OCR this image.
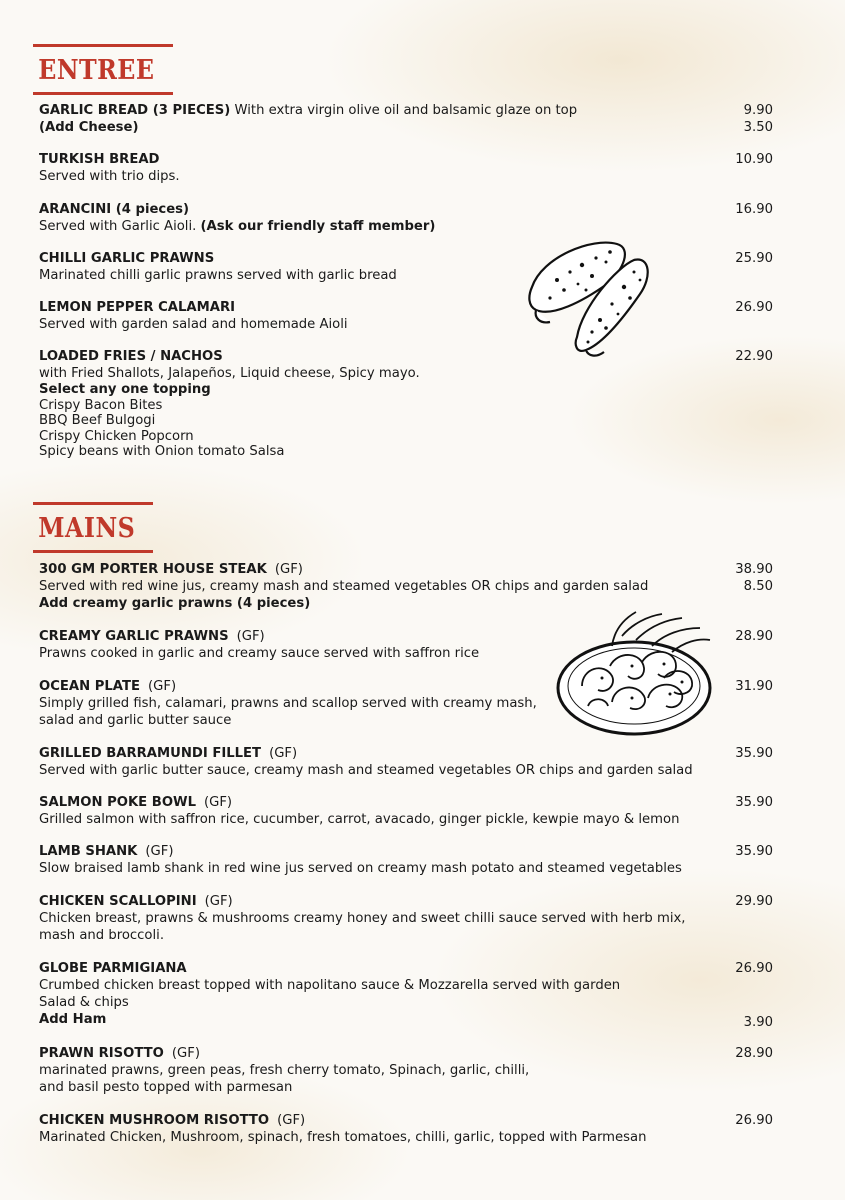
ENTREE
GARLIC BREAD (3 PIECES) With extra virgin olive oil and balsamic glaze on top
(Add Cheese)
9.90
3.50
TURKISH BREAD
Served with trio dips.
10.90
ARANCINI (4 pieces)
Served with Garlic Aioli. (Ask our friendly staff member)
16.90
CHILLI GARLIC PRAWNS
Marinated chilli garlic prawns served with garlic bread
25.90
LEMON PEPPER CALAMARI
Served with garden salad and homemade Aioli
26.90
LOADED FRIES / NACHOS
with Fried Shallots, Jalapeños, Liquid cheese, Spicy mayo.
Select any one topping
Crispy Bacon Bites
BBQ Beef Bulgogi
Crispy Chicken Popcorn
Spicy beans with Onion tomato Salsa
22.90
MAINS
300 GM PORTER HOUSE STEAK (GF)
Served with red wine jus, creamy mash and steamed vegetables OR chips and garden salad
Add creamy garlic prawns (4 pieces)
38.90
8.50
CREAMY GARLIC PRAWNS (GF)
Prawns cooked in garlic and creamy sauce served with saffron rice
28.90
OCEAN PLATE (GF)
Simply grilled fish, calamari, prawns and scallop served with creamy mash,
salad and garlic butter sauce
31.90
GRILLED BARRAMUNDI FILLET (GF)
Served with garlic butter sauce, creamy mash and steamed vegetables OR chips and garden salad
35.90
SALMON POKE BOWL (GF)
Grilled salmon with saffron rice, cucumber, carrot, avacado, ginger pickle, kewpie mayo & lemon
35.90
LAMB SHANK (GF)
Slow braised lamb shank in red wine jus served on creamy mash potato and steamed vegetables
35.90
CHICKEN SCALLOPINI (GF)
Chicken breast, prawns & mushrooms creamy honey and sweet chilli sauce served with herb mix,
mash and broccoli.
29.90
GLOBE PARMIGIANA
Crumbed chicken breast topped with napolitano sauce & Mozzarella served with garden
Salad & chips
Add Ham
26.90
3.90
PRAWN RISOTTO (GF)
marinated prawns, green peas, fresh cherry tomato, Spinach, garlic, chilli,
and basil pesto topped with parmesan
28.90
CHICKEN MUSHROOM RISOTTO (GF)
Marinated Chicken, Mushroom, spinach, fresh tomatoes, chilli, garlic, topped with Parmesan
26.90
